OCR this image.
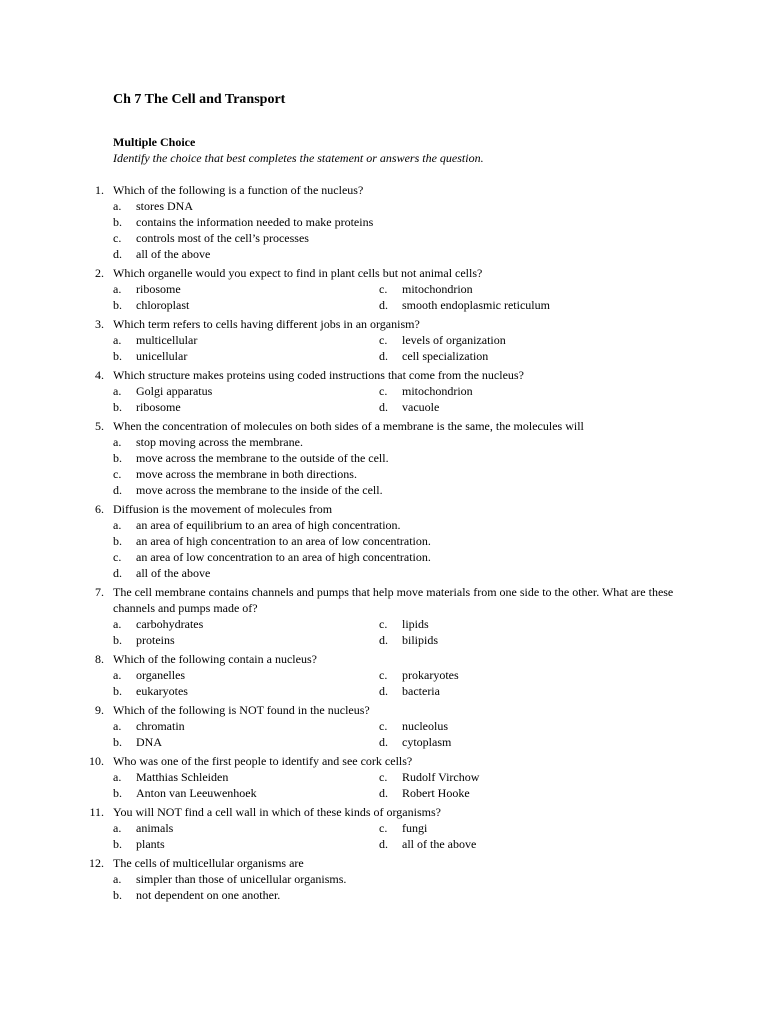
Ch 7 The Cell and Transport
Multiple Choice
Identify the choice that best completes the statement or answers the question.
1. Which of the following is a function of the nucleus?
a. stores DNA
b. contains the information needed to make proteins
c. controls most of the cell’s processes
d. all of the above
2. Which organelle would you expect to find in plant cells but not animal cells?
a. ribosome	c. mitochondrion
b. chloroplast	d. smooth endoplasmic reticulum
3. Which term refers to cells having different jobs in an organism?
a. multicellular	c. levels of organization
b. unicellular	d. cell specialization
4. Which structure makes proteins using coded instructions that come from the nucleus?
a. Golgi apparatus	c. mitochondrion
b. ribosome	d. vacuole
5. When the concentration of molecules on both sides of a membrane is the same, the molecules will
a. stop moving across the membrane.
b. move across the membrane to the outside of the cell.
c. move across the membrane in both directions.
d. move across the membrane to the inside of the cell.
6. Diffusion is the movement of molecules from
a. an area of equilibrium to an area of high concentration.
b. an area of high concentration to an area of low concentration.
c. an area of low concentration to an area of high concentration.
d. all of the above
7. The cell membrane contains channels and pumps that help move materials from one side to the other. What are these channels and pumps made of?
a. carbohydrates	c. lipids
b. proteins	d. bilipids
8. Which of the following contain a nucleus?
a. organelles	c. prokaryotes
b. eukaryotes	d. bacteria
9. Which of the following is NOT found in the nucleus?
a. chromatin	c. nucleolus
b. DNA	d. cytoplasm
10. Who was one of the first people to identify and see cork cells?
a. Matthias Schleiden	c. Rudolf Virchow
b. Anton van Leeuwenhoek	d. Robert Hooke
11. You will NOT find a cell wall in which of these kinds of organisms?
a. animals	c. fungi
b. plants	d. all of the above
12. The cells of multicellular organisms are
a. simpler than those of unicellular organisms.
b. not dependent on one another.
